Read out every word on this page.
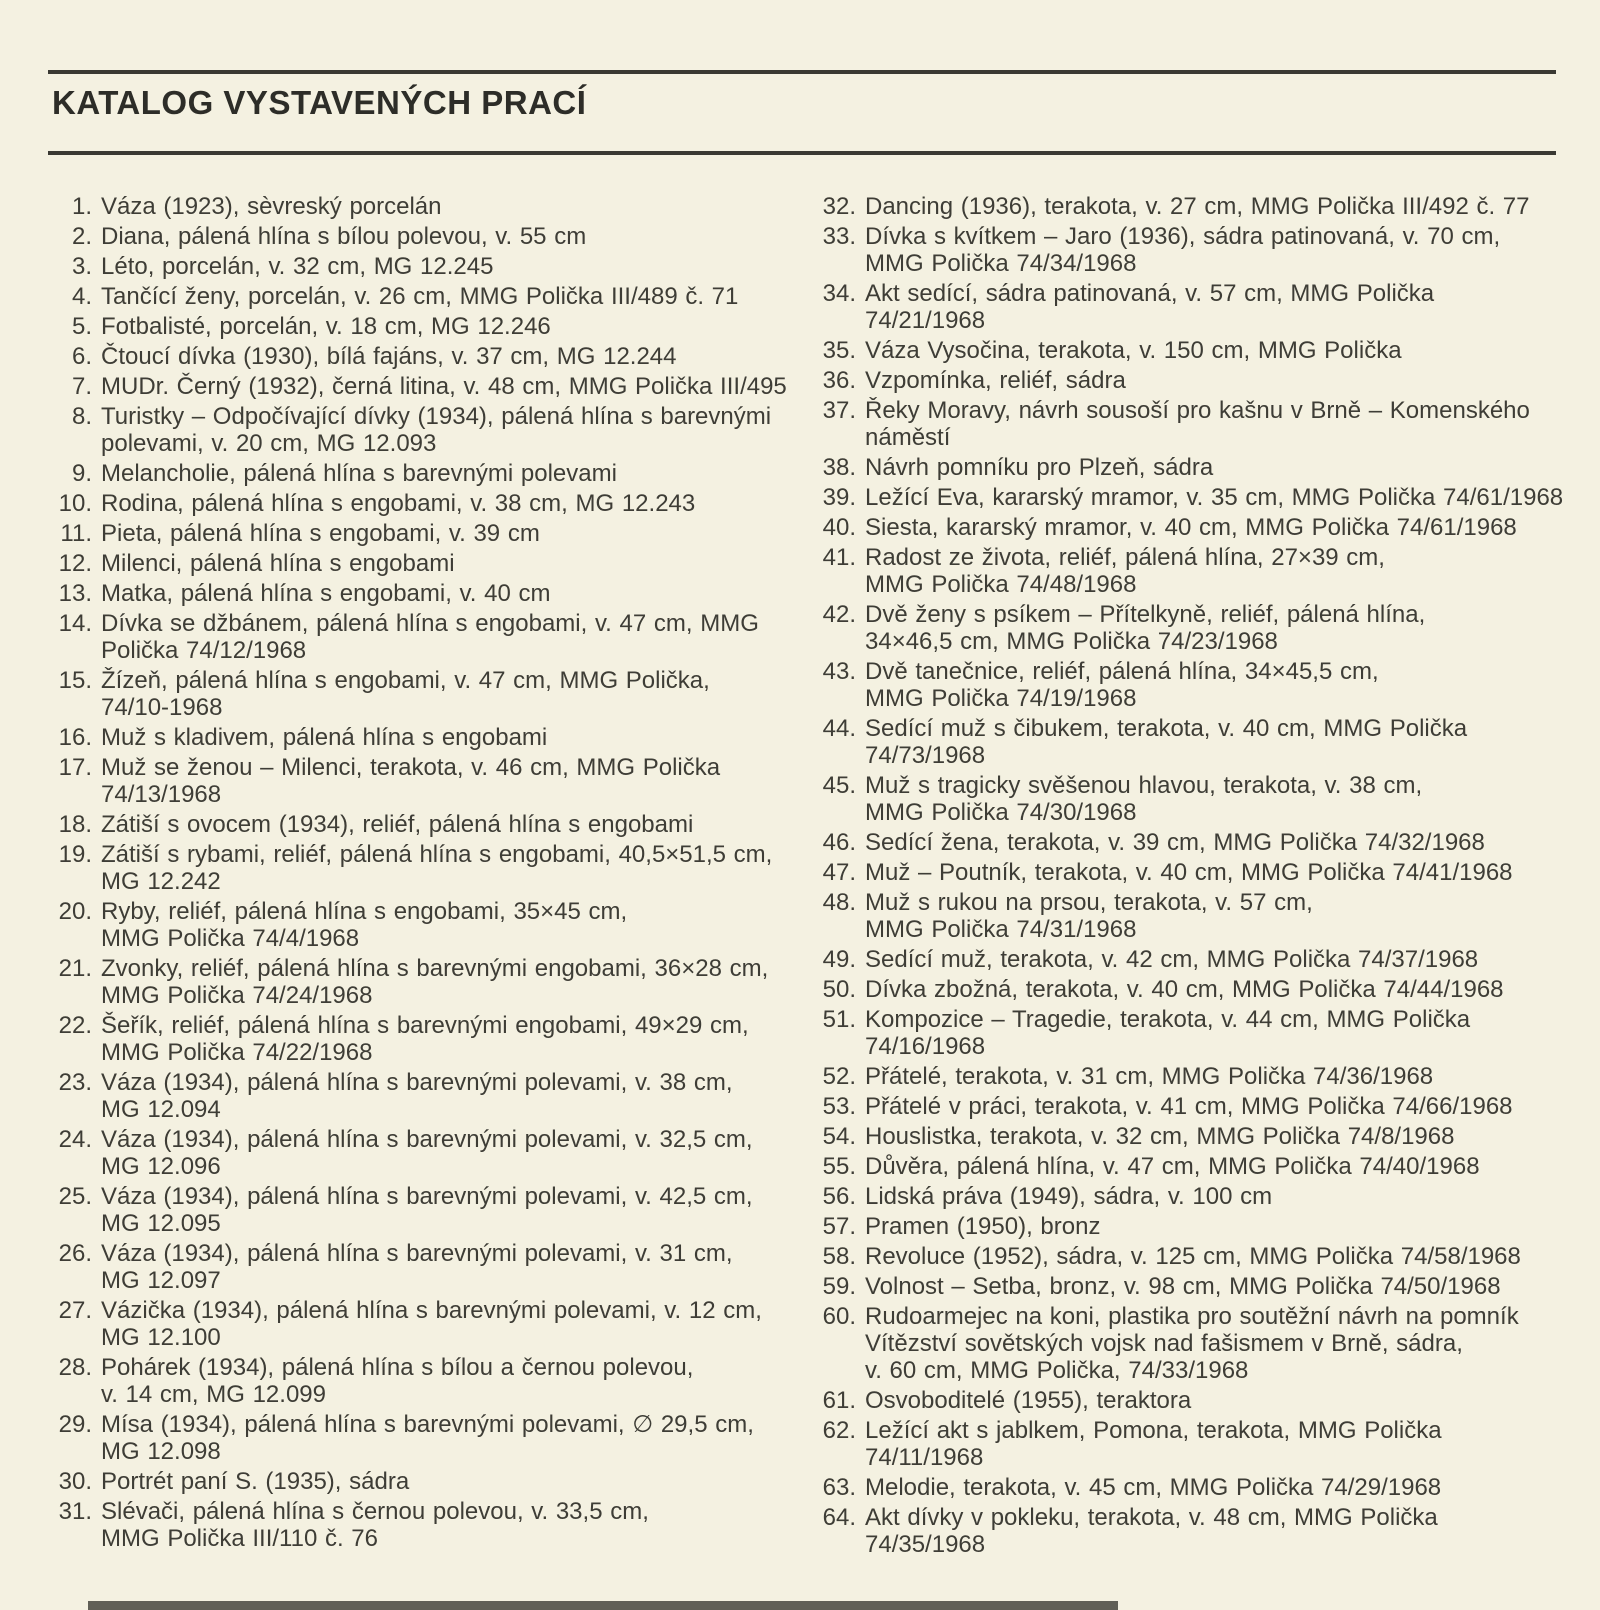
KATALOG VYSTAVENÝCH PRACÍ
1. Váza (1923), sèvreský porcelán
2. Diana, pálená hlína s bílou polevou, v. 55 cm
3. Léto, porcelán, v. 32 cm, MG 12.245
4. Tančící ženy, porcelán, v. 26 cm, MMG Polička III/489 č. 71
5. Fotbalisté, porcelán, v. 18 cm, MG 12.246
6. Čtoucí dívka (1930), bílá fajáns, v. 37 cm, MG 12.244
7. MUDr. Černý (1932), černá litina, v. 48 cm, MMG Polička III/495
8. Turistky – Odpočívající dívky (1934), pálená hlína s barevnými
polevami, v. 20 cm, MG 12.093
9. Melancholie, pálená hlína s barevnými polevami
10. Rodina, pálená hlína s engobami, v. 38 cm, MG 12.243
11. Pieta, pálená hlína s engobami, v. 39 cm
12. Milenci, pálená hlína s engobami
13. Matka, pálená hlína s engobami, v. 40 cm
14. Dívka se džbánem, pálená hlína s engobami, v. 47 cm, MMG
Polička 74/12/1968
15. Žízeň, pálená hlína s engobami, v. 47 cm, MMG Polička,
74/10-1968
16. Muž s kladivem, pálená hlína s engobami
17. Muž se ženou – Milenci, terakota, v. 46 cm, MMG Polička
74/13/1968
18. Zátiší s ovocem (1934), reliéf, pálená hlína s engobami
19. Zátiší s rybami, reliéf, pálená hlína s engobami, 40,5×51,5 cm,
MG 12.242
20. Ryby, reliéf, pálená hlína s engobami, 35×45 cm,
MMG Polička 74/4/1968
21. Zvonky, reliéf, pálená hlína s barevnými engobami, 36×28 cm,
MMG Polička 74/24/1968
22. Šeřík, reliéf, pálená hlína s barevnými engobami, 49×29 cm,
MMG Polička 74/22/1968
23. Váza (1934), pálená hlína s barevnými polevami, v. 38 cm,
MG 12.094
24. Váza (1934), pálená hlína s barevnými polevami, v. 32,5 cm,
MG 12.096
25. Váza (1934), pálená hlína s barevnými polevami, v. 42,5 cm,
MG 12.095
26. Váza (1934), pálená hlína s barevnými polevami, v. 31 cm,
MG 12.097
27. Vázička (1934), pálená hlína s barevnými polevami, v. 12 cm,
MG 12.100
28. Pohárek (1934), pálená hlína s bílou a černou polevou,
v. 14 cm, MG 12.099
29. Mísa (1934), pálená hlína s barevnými polevami, ∅ 29,5 cm,
MG 12.098
30. Portrét paní S. (1935), sádra
31. Slévači, pálená hlína s černou polevou, v. 33,5 cm,
MMG Polička III/110 č. 76
32. Dancing (1936), terakota, v. 27 cm, MMG Polička III/492 č. 77
33. Dívka s kvítkem – Jaro (1936), sádra patinovaná, v. 70 cm,
MMG Polička 74/34/1968
34. Akt sedící, sádra patinovaná, v. 57 cm, MMG Polička
74/21/1968
35. Váza Vysočina, terakota, v. 150 cm, MMG Polička
36. Vzpomínka, reliéf, sádra
37. Řeky Moravy, návrh sousoší pro kašnu v Brně – Komenského
náměstí
38. Návrh pomníku pro Plzeň, sádra
39. Ležící Eva, kararský mramor, v. 35 cm, MMG Polička 74/61/1968
40. Siesta, kararský mramor, v. 40 cm, MMG Polička 74/61/1968
41. Radost ze života, reliéf, pálená hlína, 27×39 cm,
MMG Polička 74/48/1968
42. Dvě ženy s psíkem – Přítelkyně, reliéf, pálená hlína,
34×46,5 cm, MMG Polička 74/23/1968
43. Dvě tanečnice, reliéf, pálená hlína, 34×45,5 cm,
MMG Polička 74/19/1968
44. Sedící muž s čibukem, terakota, v. 40 cm, MMG Polička
74/73/1968
45. Muž s tragicky svěšenou hlavou, terakota, v. 38 cm,
MMG Polička 74/30/1968
46. Sedící žena, terakota, v. 39 cm, MMG Polička 74/32/1968
47. Muž – Poutník, terakota, v. 40 cm, MMG Polička 74/41/1968
48. Muž s rukou na prsou, terakota, v. 57 cm,
MMG Polička 74/31/1968
49. Sedící muž, terakota, v. 42 cm, MMG Polička 74/37/1968
50. Dívka zbožná, terakota, v. 40 cm, MMG Polička 74/44/1968
51. Kompozice – Tragedie, terakota, v. 44 cm, MMG Polička
74/16/1968
52. Přátelé, terakota, v. 31 cm, MMG Polička 74/36/1968
53. Přátelé v práci, terakota, v. 41 cm, MMG Polička 74/66/1968
54. Houslistka, terakota, v. 32 cm, MMG Polička 74/8/1968
55. Důvěra, pálená hlína, v. 47 cm, MMG Polička 74/40/1968
56. Lidská práva (1949), sádra, v. 100 cm
57. Pramen (1950), bronz
58. Revoluce (1952), sádra, v. 125 cm, MMG Polička 74/58/1968
59. Volnost – Setba, bronz, v. 98 cm, MMG Polička 74/50/1968
60. Rudoarmejec na koni, plastika pro soutěžní návrh na pomník
Vítězství sovětských vojsk nad fašismem v Brně, sádra,
v. 60 cm, MMG Polička, 74/33/1968
61. Osvoboditelé (1955), teraktora
62. Ležící akt s jablkem, Pomona, terakota, MMG Polička
74/11/1968
63. Melodie, terakota, v. 45 cm, MMG Polička 74/29/1968
64. Akt dívky v pokleku, terakota, v. 48 cm, MMG Polička
74/35/1968
